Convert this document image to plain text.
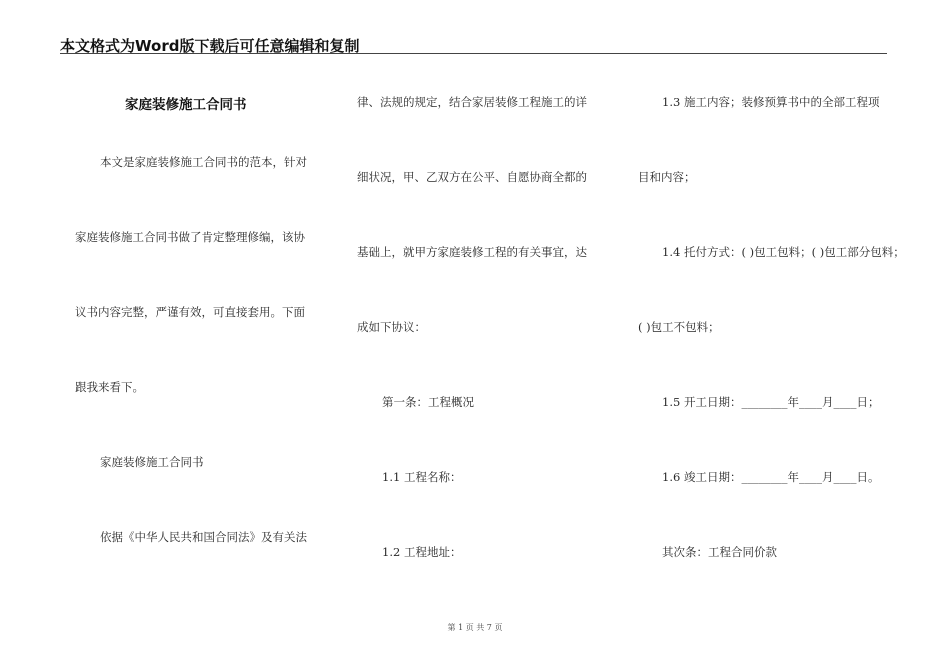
本文格式为Word版下载后可任意编辑和复制
家庭装修施工合同书
本文是家庭装修施工合同书的范本，针对
家庭装修施工合同书做了肯定整理修编，该协
议书内容完整，严谨有效，可直接套用。下面
跟我来看下。
家庭装修施工合同书
依据《中华人民共和国合同法》及有关法
律、法规的规定，结合家居装修工程施工的详
细状况，甲、乙双方在公平、自愿协商全都的
基础上，就甲方家庭装修工程的有关事宜，达
成如下协议：
第一条：工程概况
1.1 工程名称：
1.2 工程地址：
1.3 施工内容；装修预算书中的全部工程项
目和内容；
1.4 托付方式：( )包工包料；( )包工部分包料；
( )包工不包料；
1.5 开工日期：________年____月____日；
1.6 竣工日期：________年____月____日。
其次条：工程合同价款
第 1 页 共 7 页
